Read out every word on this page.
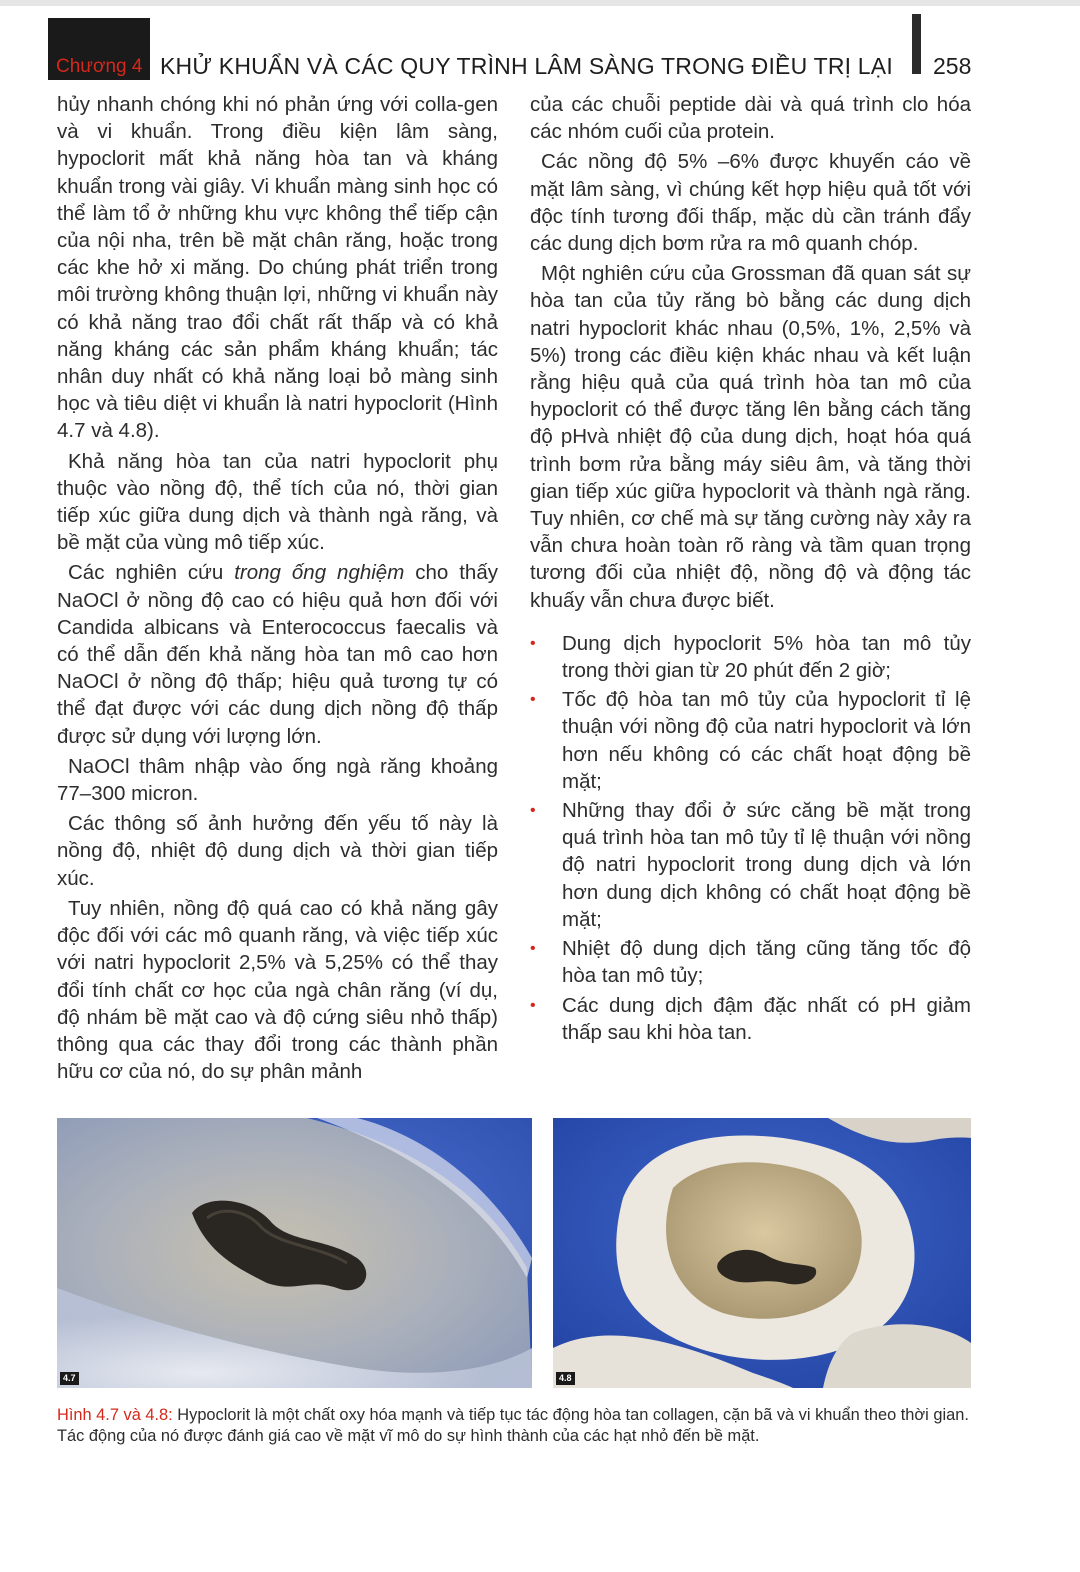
Chương 4 KHỬ KHUẨN VÀ CÁC QUY TRÌNH LÂM SÀNG TRONG ĐIỀU TRỊ LẠI 258

hủy nhanh chóng khi nó phản ứng với colla-gen và vi khuẩn. Trong điều kiện lâm sàng, hypoclorit mất khả năng hòa tan và kháng khuẩn trong vài giây. Vi khuẩn màng sinh học có thể làm tổ ở những khu vực không thể tiếp cận của nội nha, trên bề mặt chân răng, hoặc trong các khe hở xi măng. Do chúng phát triển trong môi trường không thuận lợi, những vi khuẩn này có khả năng trao đổi chất rất thấp và có khả năng kháng các sản phẩm kháng khuẩn; tác nhân duy nhất có khả năng loại bỏ màng sinh học và tiêu diệt vi khuẩn là natri hypoclorit (Hình 4.7 và 4.8).

Khả năng hòa tan của natri hypoclorit phụ thuộc vào nồng độ, thể tích của nó, thời gian tiếp xúc giữa dung dịch và thành ngà răng, và bề mặt của vùng mô tiếp xúc.

Các nghiên cứu trong ống nghiệm cho thấy NaOCl ở nồng độ cao có hiệu quả hơn đối với Candida albicans và Enterococcus faecalis và có thể dẫn đến khả năng hòa tan mô cao hơn NaOCl ở nồng độ thấp; hiệu quả tương tự có thể đạt được với các dung dịch nồng độ thấp được sử dụng với lượng lớn.

NaOCl thâm nhập vào ống ngà răng khoảng 77–300 micron.

Các thông số ảnh hưởng đến yếu tố này là nồng độ, nhiệt độ dung dịch và thời gian tiếp xúc.

Tuy nhiên, nồng độ quá cao có khả năng gây độc đối với các mô quanh răng, và việc tiếp xúc với natri hypoclorit 2,5% và 5,25% có thể thay đổi tính chất cơ học của ngà chân răng (ví dụ, độ nhám bề mặt cao và độ cứng siêu nhỏ thấp) thông qua các thay đổi trong các thành phần hữu cơ của nó, do sự phân mảnh

của các chuỗi peptide dài và quá trình clo hóa các nhóm cuối của protein.

Các nồng độ 5% –6% được khuyến cáo về mặt lâm sàng, vì chúng kết hợp hiệu quả tốt với độc tính tương đối thấp, mặc dù cần tránh đẩy các dung dịch bơm rửa ra mô quanh chóp.

Một nghiên cứu của Grossman đã quan sát sự hòa tan của tủy răng bò bằng các dung dịch natri hypoclorit khác nhau (0,5%, 1%, 2,5% và 5%) trong các điều kiện khác nhau và kết luận rằng hiệu quả của quá trình hòa tan mô của hypoclorit có thể được tăng lên bằng cách tăng độ pHvà nhiệt độ của dung dịch, hoạt hóa quá trình bơm rửa bằng máy siêu âm, và tăng thời gian tiếp xúc giữa hypoclorit và thành ngà răng. Tuy nhiên, cơ chế mà sự tăng cường này xảy ra vẫn chưa hoàn toàn rõ ràng và tầm quan trọng tương đối của nhiệt độ, nồng độ và động tác khuấy vẫn chưa được biết.

• Dung dịch hypoclorit 5% hòa tan mô tủy trong thời gian từ 20 phút đến 2 giờ;
• Tốc độ hòa tan mô tủy của hypoclorit tỉ lệ thuận với nồng độ của natri hypoclorit và lớn hơn nếu không có các chất hoạt động bề mặt;
• Những thay đổi ở sức căng bề mặt trong quá trình hòa tan mô tủy tỉ lệ thuận với nồng độ natri hypoclorit trong dung dịch và lớn hơn dung dịch không có chất hoạt động bề mặt;
• Nhiệt độ dung dịch tăng cũng tăng tốc độ hòa tan mô tủy;
• Các dung dịch đậm đặc nhất có pH giảm thấp sau khi hòa tan.
4.7	4.8
Hình 4.7 và 4.8: Hypoclorit là một chất oxy hóa mạnh và tiếp tục tác động hòa tan collagen, cặn bã và vi khuẩn theo thời gian. Tác động của nó được đánh giá cao về mặt vĩ mô do sự hình thành của các hạt nhỏ đến bề mặt.
